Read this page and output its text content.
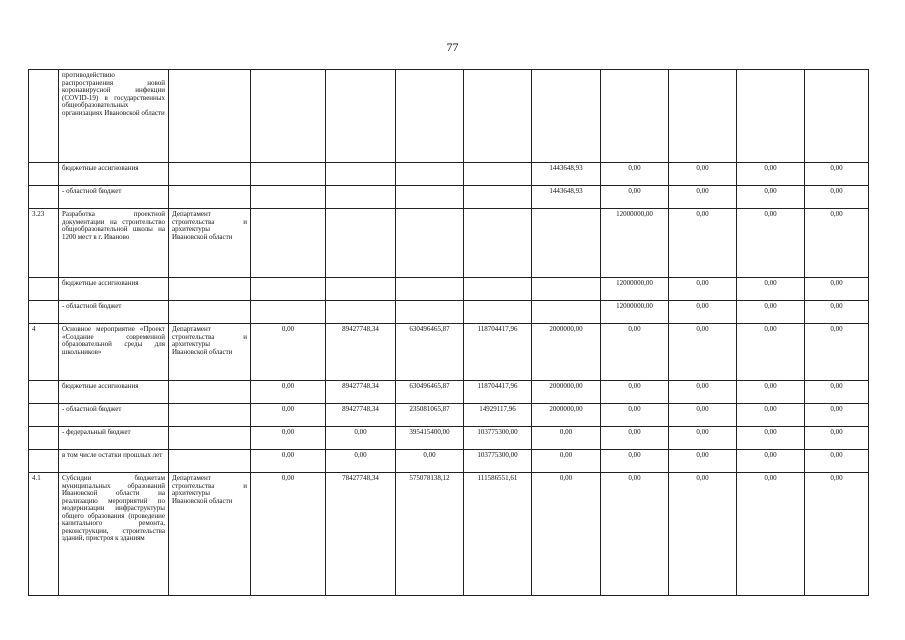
77
	противодействию распространения новой коронавирусной инфекции (COVID-19) в государственных общеобразовательных организациях Ивановской области										
	бюджетные ассигнования						1443648,93	0,00	0,00	0,00	0,00
	- областной бюджет						1443648,93	0,00	0,00	0,00	0,00
3.23	Разработка проектной документации на строительство общеобразовательной школы на 1200 мест в г. Иваново	Департамент строительства и архитектуры Ивановской области						12000000,00	0,00	0,00	0,00
	бюджетные ассигнования							12000000,00	0,00	0,00	0,00
	- областной бюджет							12000000,00	0,00	0,00	0,00
4	Основное мероприятие «Проект «Создание современной образовательной среды для школьников»	Департамент строительства и архитектуры Ивановской области	0,00	89427748,34	630496465,87	118704417,96	2000000,00	0,00	0,00	0,00	0,00
	бюджетные ассигнования		0,00	89427748,34	630496465,87	118704417,96	2000000,00	0,00	0,00	0,00	0,00
	- областной бюджет		0,00	89427748,34	235081065,87	14929117,96	2000000,00	0,00	0,00	0,00	0,00
	- федеральный бюджет		0,00	0,00	395415400,00	103775300,00	0,00	0,00	0,00	0,00	0,00
	в том числе остатки прошлых лет		0,00	0,00	0,00	103775300,00	0,00	0,00	0,00	0,00	0,00
4.1	Субсидии бюджетам муниципальных образований Ивановской области на реализацию мероприятий по модернизации инфраструктуры общего образования (проведение капитального ремонта, реконструкции, строительства зданий, пристроя к зданиям	Департамент строительства и архитектуры Ивановской области	0,00	78427748,34	575078138,12	111586551,61	0,00	0,00	0,00	0,00	0,00
